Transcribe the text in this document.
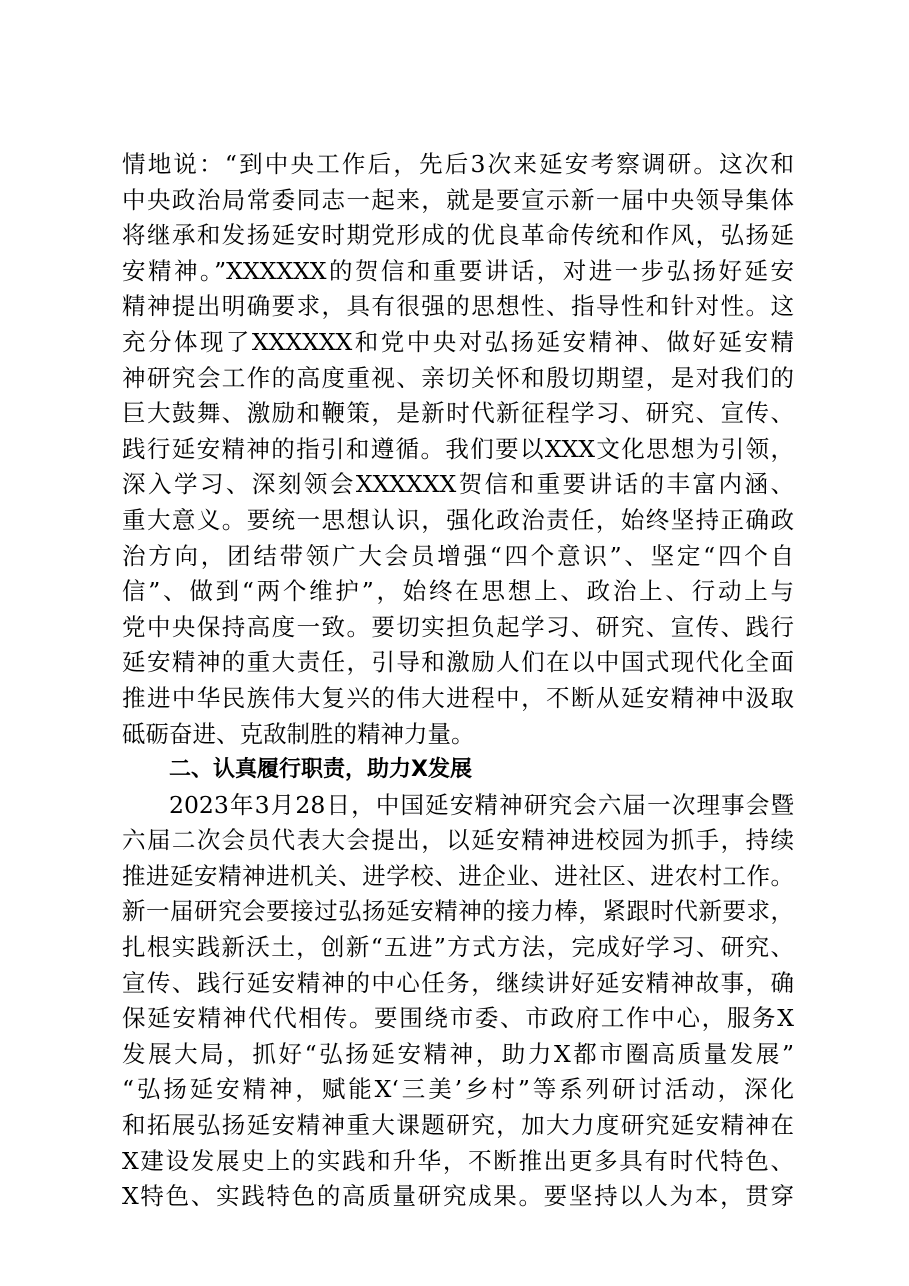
情地说：“到中央工作后，先后3次来延安考察调研。这次和
中央政治局常委同志一起来，就是要宣示新一届中央领导集体
将继承和发扬延安时期党形成的优良革命传统和作风，弘扬延
安精神。”XXXXXX的贺信和重要讲话，对进一步弘扬好延安
精神提出明确要求，具有很强的思想性、指导性和针对性。这
充分体现了XXXXXX和党中央对弘扬延安精神、做好延安精
神研究会工作的高度重视、亲切关怀和殷切期望，是对我们的
巨大鼓舞、激励和鞭策，是新时代新征程学习、研究、宣传、
践行延安精神的指引和遵循。我们要以XXX文化思想为引领，
深入学习、深刻领会XXXXXX贺信和重要讲话的丰富内涵、
重大意义。要统一思想认识，强化政治责任，始终坚持正确政
治方向，团结带领广大会员增强“四个意识”、坚定“四个自
信”、做到“两个维护”，始终在思想上、政治上、行动上与
党中央保持高度一致。要切实担负起学习、研究、宣传、践行
延安精神的重大责任，引导和激励人们在以中国式现代化全面
推进中华民族伟大复兴的伟大进程中，不断从延安精神中汲取
砥砺奋进、克敌制胜的精神力量。
二、认真履行职责，助力X发展
2023年3月28日，中国延安精神研究会六届一次理事会暨
六届二次会员代表大会提出，以延安精神进校园为抓手，持续
推进延安精神进机关、进学校、进企业、进社区、进农村工作。
新一届研究会要接过弘扬延安精神的接力棒，紧跟时代新要求，
扎根实践新沃土，创新“五进”方式方法，完成好学习、研究、
宣传、践行延安精神的中心任务，继续讲好延安精神故事，确
保延安精神代代相传。要围绕市委、市政府工作中心，服务X
发展大局，抓好“弘扬延安精神，助力X都市圈高质量发展”
“弘扬延安精神，赋能X‘三美’乡村”等系列研讨活动，深化
和拓展弘扬延安精神重大课题研究，加大力度研究延安精神在
X建设发展史上的实践和升华，不断推出更多具有时代特色、
X特色、实践特色的高质量研究成果。要坚持以人为本，贯穿
